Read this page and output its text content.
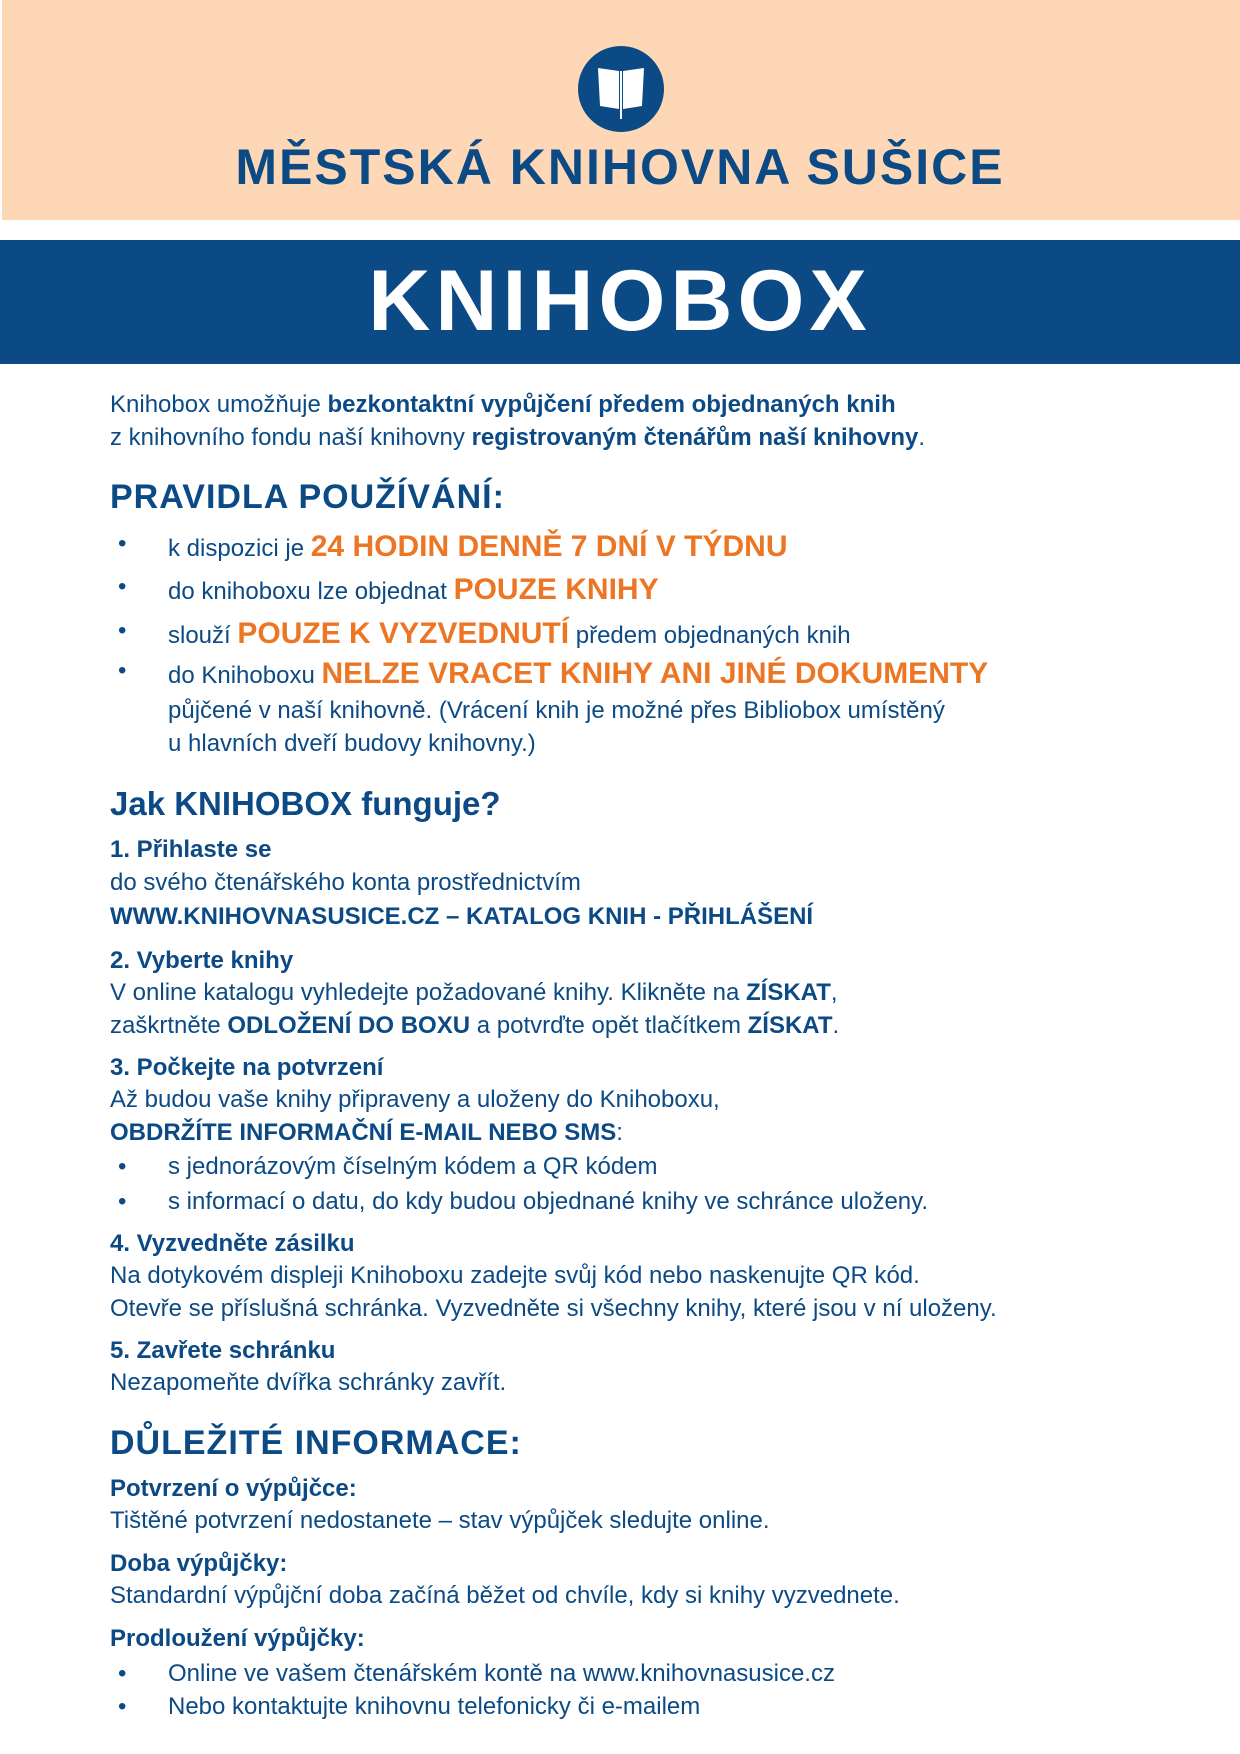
MĚSTSKÁ KNIHOVNA SUŠICE
KNIHOBOX
Knihobox umožňuje bezkontaktní vypůjčení předem objednaných knih
z knihovního fondu naší knihovny registrovaným čtenářům naší knihovny.
PRAVIDLA POUŽÍVÁNÍ:
• k dispozici je 24 HODIN DENNĚ 7 DNÍ V TÝDNU
• do knihoboxu lze objednat POUZE KNIHY
• slouží POUZE K VYZVEDNUTÍ předem objednaných knih
• do Knihoboxu NELZE VRACET KNIHY ANI JINÉ DOKUMENTY
půjčené v naší knihovně. (Vrácení knih je možné přes Bibliobox umístěný
u hlavních dveří budovy knihovny.)
Jak KNIHOBOX funguje?
1. Přihlaste se
do svého čtenářského konta prostřednictvím
WWW.KNIHOVNASUSICE.CZ – KATALOG KNIH - PŘIHLÁŠENÍ
2. Vyberte knihy
V online katalogu vyhledejte požadované knihy. Klikněte na ZÍSKAT,
zaškrtněte ODLOŽENÍ DO BOXU a potvrďte opět tlačítkem ZÍSKAT.
3. Počkejte na potvrzení
Až budou vaše knihy připraveny a uloženy do Knihoboxu,
OBDRŽÍTE INFORMAČNÍ E-MAIL NEBO SMS:
• s jednorázovým číselným kódem a QR kódem
• s informací o datu, do kdy budou objednané knihy ve schránce uloženy.
4. Vyzvedněte zásilku
Na dotykovém displeji Knihoboxu zadejte svůj kód nebo naskenujte QR kód.
Otevře se příslušná schránka. Vyzvedněte si všechny knihy, které jsou v ní uloženy.
5. Zavřete schránku
Nezapomeňte dvířka schránky zavřít.
DŮLEŽITÉ INFORMACE:
Potvrzení o výpůjčce:
Tištěné potvrzení nedostanete – stav výpůjček sledujte online.
Doba výpůjčky:
Standardní výpůjční doba začíná běžet od chvíle, kdy si knihy vyzvednete.
Prodloužení výpůjčky:
• Online ve vašem čtenářském kontě na www.knihovnasusice.cz
• Nebo kontaktujte knihovnu telefonicky či e-mailem
